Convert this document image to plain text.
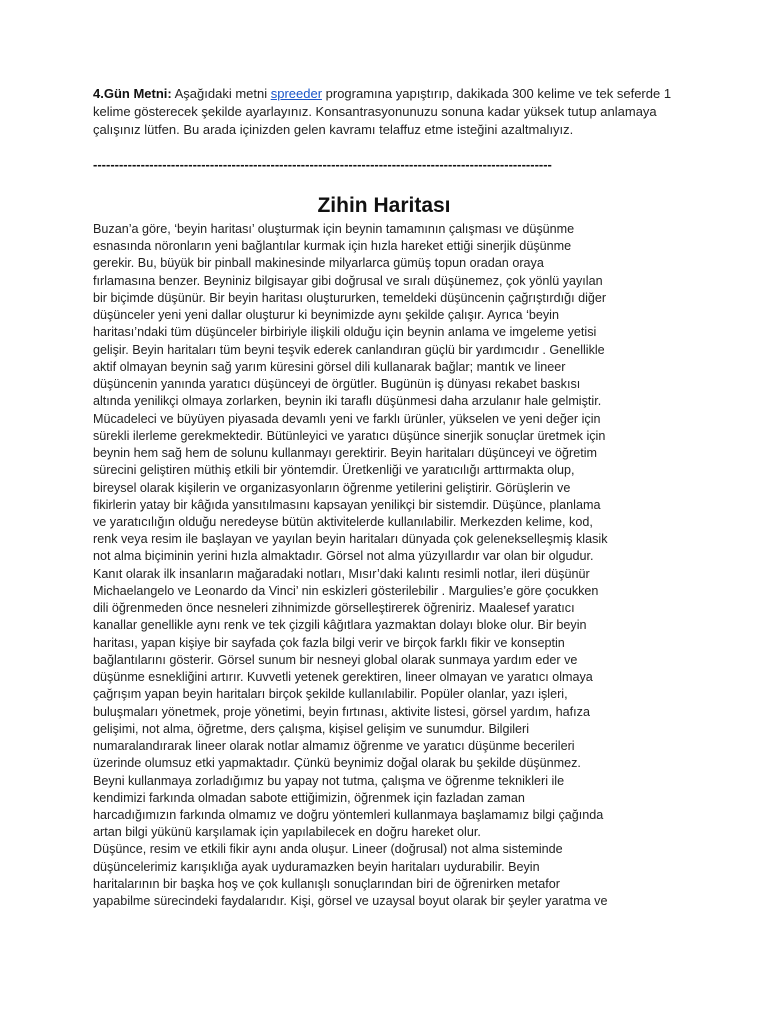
4.Gün Metni: Aşağıdaki metni spreeder programına yapıştırıp, dakikada 300 kelime ve tek seferde 1 kelime gösterecek şekilde ayarlayınız. Konsantrasyonunuzu sonuna kadar yüksek tutup anlamaya çalışınız lütfen. Bu arada içinizden gelen kavramı telaffuz etme isteğini azaltmalıyız.

----------------------------------------------------------------------------------------------------------
Zihin Haritası
Buzan’a göre, ‘beyin haritası’ oluşturmak için beynin tamamının çalışması ve düşünme
esnasında nöronların yeni bağlantılar kurmak için hızla hareket ettiği sinerjik düşünme
gerekir. Bu, büyük bir pinball makinesinde milyarlarca gümüş topun oradan oraya
fırlamasına benzer. Beyniniz bilgisayar gibi doğrusal ve sıralı düşünemez, çok yönlü yayılan
bir biçimde düşünür. Bir beyin haritası oluştururken, temeldeki düşüncenin çağrıştırdığı diğer
düşünceler yeni yeni dallar oluşturur ki beynimizde aynı şekilde çalışır. Ayrıca ‘beyin
haritası’ndaki tüm düşünceler birbiriyle ilişkili olduğu için beynin anlama ve imgeleme yetisi
gelişir. Beyin haritaları tüm beyni teşvik ederek canlandıran güçlü bir yardımcıdır . Genellikle
aktif olmayan beynin sağ yarım küresini görsel dili kullanarak bağlar; mantık ve lineer
düşüncenin yanında yaratıcı düşünceyi de örgütler. Bugünün iş dünyası rekabet baskısı
altında yenilikçi olmaya zorlarken, beynin iki taraflı düşünmesi daha arzulanır hale gelmiştir.
Mücadeleci ve büyüyen piyasada devamlı yeni ve farklı ürünler, yükselen ve yeni değer için
sürekli ilerleme gerekmektedir. Bütünleyici ve yaratıcı düşünce sinerjik sonuçlar üretmek için
beynin hem sağ hem de solunu kullanmayı gerektirir. Beyin haritaları düşünceyi ve öğretim
sürecini geliştiren müthiş etkili bir yöntemdir. Üretkenliği ve yaratıcılığı arttırmakta olup,
bireysel olarak kişilerin ve organizasyonların öğrenme yetilerini geliştirir. Görüşlerin ve
fikirlerin yatay bir kâğıda yansıtılmasını kapsayan yenilikçi bir sistemdir. Düşünce, planlama
ve yaratıcılığın olduğu neredeyse bütün aktivitelerde kullanılabilir. Merkezden kelime, kod,
renk veya resim ile başlayan ve yayılan beyin haritaları dünyada çok gelenekselleşmiş klasik
not alma biçiminin yerini hızla almaktadır. Görsel not alma yüzyıllardır var olan bir olgudur.
Kanıt olarak ilk insanların mağaradaki notları, Mısır’daki kalıntı resimli notlar, ileri düşünür
Michaelangelo ve Leonardo da Vinci’ nin eskizleri gösterilebilir . Margulies’e göre çocukken
dili öğrenmeden önce nesneleri zihnimizde görselleştirerek öğreniriz. Maalesef yaratıcı
kanallar genellikle aynı renk ve tek çizgili kâğıtlara yazmaktan dolayı bloke olur. Bir beyin
haritası, yapan kişiye bir sayfada çok fazla bilgi verir ve birçok farklı fikir ve konseptin
bağlantılarını gösterir. Görsel sunum bir nesneyi global olarak sunmaya yardım eder ve
düşünme esnekliğini artırır. Kuvvetli yetenek gerektiren, lineer olmayan ve yaratıcı olmaya
çağrışım yapan beyin haritaları birçok şekilde kullanılabilir. Popüler olanlar, yazı işleri,
buluşmaları yönetmek, proje yönetimi, beyin fırtınası, aktivite listesi, görsel yardım, hafıza
gelişimi, not alma, öğretme, ders çalışma, kişisel gelişim ve sunumdur. Bilgileri
numaralandırarak lineer olarak notlar almamız öğrenme ve yaratıcı düşünme becerileri
üzerinde olumsuz etki yapmaktadır. Çünkü beynimiz doğal olarak bu şekilde düşünmez.
Beyni kullanmaya zorladığımız bu yapay not tutma, çalışma ve öğrenme teknikleri ile
kendimizi farkında olmadan sabote ettiğimizin, öğrenmek için fazladan zaman
harcadığımızın farkında olmamız ve doğru yöntemleri kullanmaya başlamamız bilgi çağında
artan bilgi yükünü karşılamak için yapılabilecek en doğru hareket olur.
Düşünce, resim ve etkili fikir aynı anda oluşur. Lineer (doğrusal) not alma sisteminde
düşüncelerimiz karışıklığa ayak uyduramazken beyin haritaları uydurabilir. Beyin
haritalarının bir başka hoş ve çok kullanışlı sonuçlarından biri de öğrenirken metafor
yapabilme sürecindeki faydalarıdır. Kişi, görsel ve uzaysal boyut olarak bir şeyler yaratma ve
